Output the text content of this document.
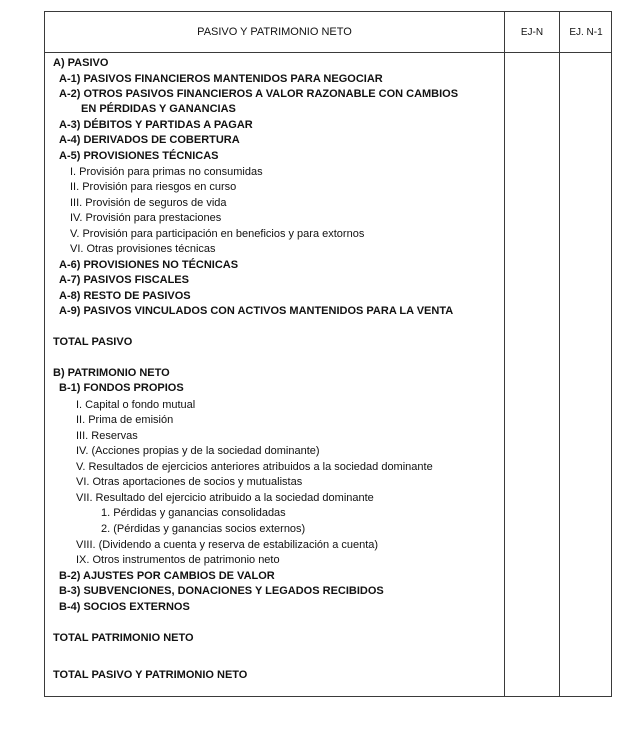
PASIVO Y PATRIMONIO NETO	EJ-N	EJ. N-1
A) PASIVO
A-1) PASIVOS FINANCIEROS MANTENIDOS PARA NEGOCIAR
A-2) OTROS PASIVOS FINANCIEROS A VALOR RAZONABLE CON CAMBIOS
EN PÉRDIDAS Y GANANCIAS
A-3) DÉBITOS Y PARTIDAS A PAGAR
A-4) DERIVADOS DE COBERTURA
A-5) PROVISIONES TÉCNICAS
I. Provisión para primas no consumidas
II. Provisión para riesgos en curso
III. Provisión de seguros de vida
IV. Provisión para prestaciones
V. Provisión para participación en beneficios y para extornos
VI. Otras provisiones técnicas
A-6) PROVISIONES NO TÉCNICAS
A-7) PASIVOS FISCALES
A-8) RESTO DE PASIVOS
A-9) PASIVOS VINCULADOS CON ACTIVOS MANTENIDOS PARA LA VENTA
TOTAL PASIVO
B) PATRIMONIO NETO
B-1) FONDOS PROPIOS
I. Capital o fondo mutual
II. Prima de emisión
III. Reservas
IV. (Acciones propias y de la sociedad dominante)
V. Resultados de ejercicios anteriores atribuidos a la sociedad dominante
VI. Otras aportaciones de socios y mutualistas
VII. Resultado del ejercicio atribuido a la sociedad dominante
1. Pérdidas y ganancias consolidadas
2. (Pérdidas y ganancias socios externos)
VIII. (Dividendo a cuenta y reserva de estabilización a cuenta)
IX. Otros instrumentos de patrimonio neto
B-2) AJUSTES POR CAMBIOS DE VALOR
B-3) SUBVENCIONES, DONACIONES Y LEGADOS RECIBIDOS
B-4) SOCIOS EXTERNOS
TOTAL PATRIMONIO NETO
TOTAL PASIVO Y PATRIMONIO NETO
